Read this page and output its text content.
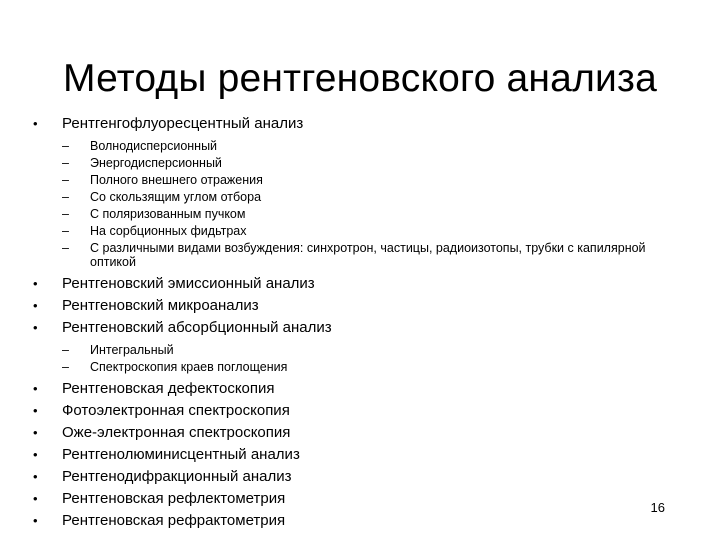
Методы рентгеновского анализа
• Рентгенгофлуоресцентный анализ
– Волнодисперсионный
– Энергодисперсионный
– Полного внешнего отражения
– Со скользящим углом отбора
– С поляризованным пучком
– На сорбционных фидьтрах
– С различными видами возбуждения: синхротрон, частицы, радиоизотопы, трубки с капилярной оптикой
• Рентгеновский эмиссионный анализ
• Рентгеновский микроанализ
• Рентгеновский абсорбционный анализ
– Интегральный
– Спектроскопия краев поглощения
• Рентгеновская дефектоскопия
• Фотоэлектронная спектроскопия
• Оже-электронная спектроскопия
• Рентгенолюминисцентный анализ
• Рентгенодифракционный анализ
• Рентгеновская рефлектометрия
• Рентгеновская рефрактометрия
16
